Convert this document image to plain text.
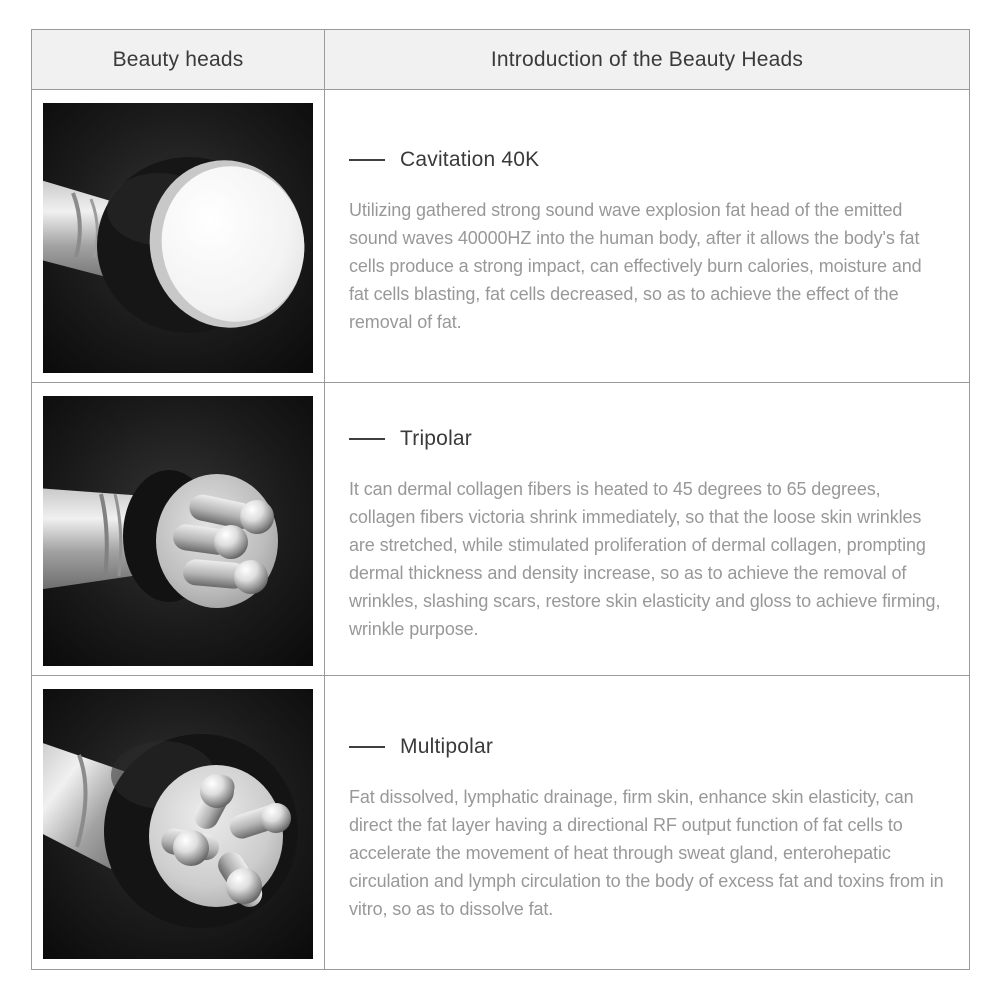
Beauty heads	Introduction of the Beauty Heads
Cavitation 40K

Utilizing gathered strong sound wave explosion fat head of the emitted sound waves 40000HZ into the human body, after it allows the body's fat cells produce a strong impact, can effectively burn calories, moisture and fat cells blasting, fat cells decreased, so as to achieve the effect of the removal of fat.

Tripolar

It can dermal collagen fibers is heated to 45 degrees to 65 degrees, collagen fibers victoria shrink immediately, so that the loose skin wrinkles are stretched, while stimulated proliferation of dermal collagen, prompting dermal thickness and density increase, so as to achieve the removal of wrinkles, slashing scars, restore skin elasticity and gloss to achieve firming, wrinkle purpose.

Multipolar

Fat dissolved, lymphatic drainage, firm skin, enhance skin elasticity, can direct the fat layer having a directional RF output function of fat cells to accelerate the movement of heat through sweat gland, enterohepatic circulation and lymph circulation to the body of excess fat and toxins from in vitro, so as to dissolve fat.
